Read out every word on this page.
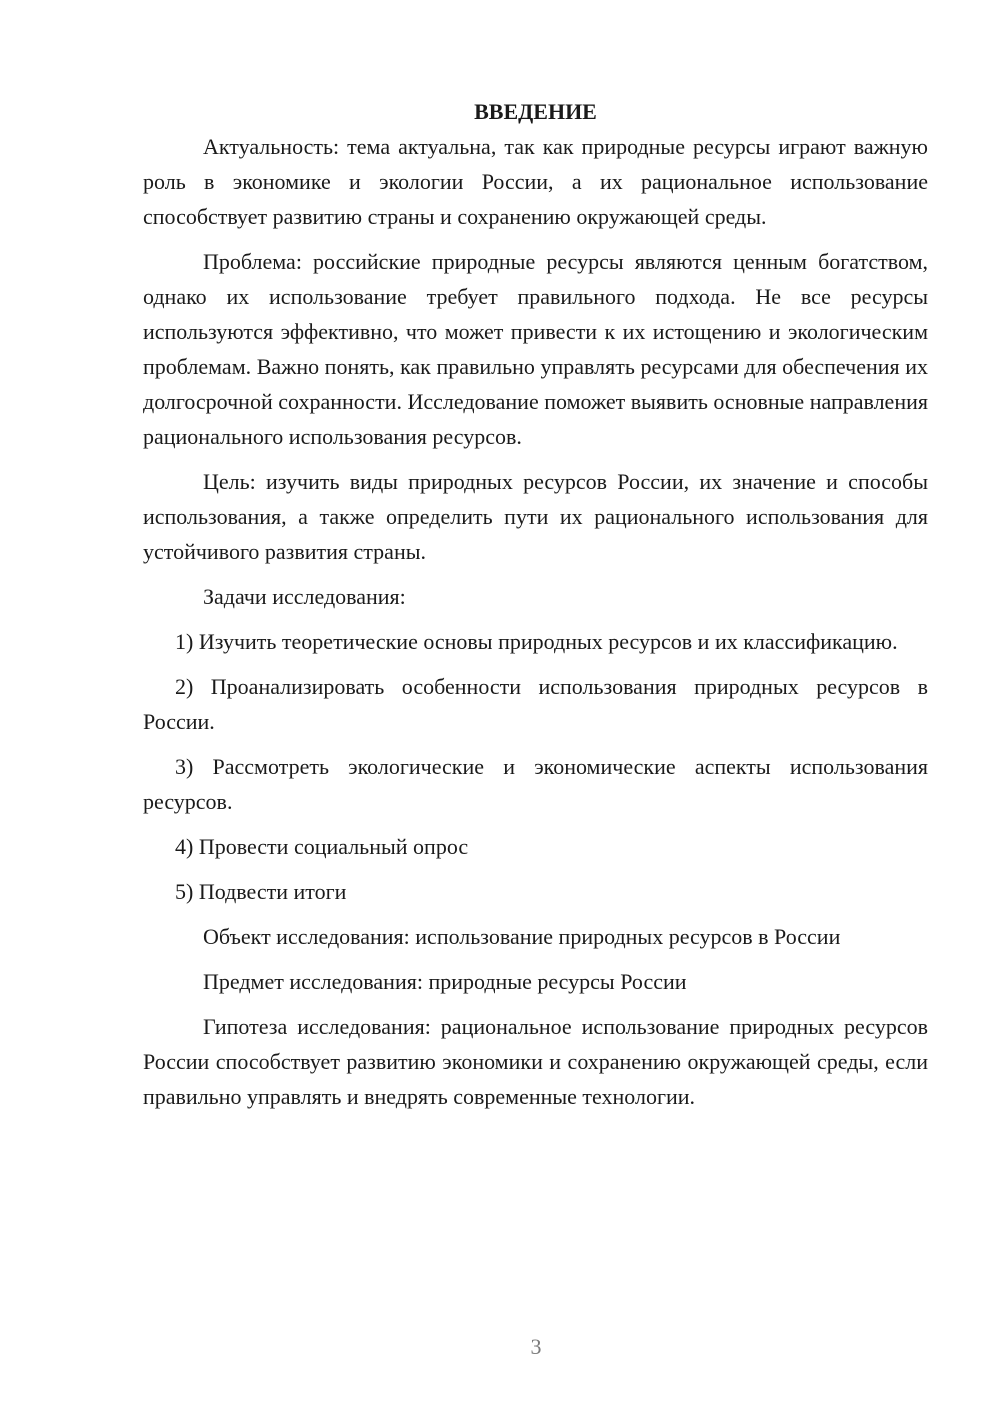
ВВЕДЕНИЕ

Актуальность: тема актуальна, так как природные ресурсы играют важную роль в экономике и экологии России, а их рациональное использование способствует развитию страны и сохранению окружающей среды.

Проблема: российские природные ресурсы являются ценным богатством, однако их использование требует правильного подхода. Не все ресурсы используются эффективно, что может привести к их истощению и экологическим проблемам. Важно понять, как правильно управлять ресурсами для обеспечения их долгосрочной сохранности. Исследование поможет выявить основные направления рационального использования ресурсов.

Цель: изучить виды природных ресурсов России, их значение и способы использования, а также определить пути их рационального использования для устойчивого развития страны.

Задачи исследования:

1) Изучить теоретические основы природных ресурсов и их классификацию.

2) Проанализировать особенности использования природных ресурсов в России.

3) Рассмотреть экологические и экономические аспекты использования ресурсов.

4) Провести социальный опрос

5) Подвести итоги

Объект исследования: использование природных ресурсов в России

Предмет исследования: природные ресурсы России

Гипотеза исследования: рациональное использование природных ресурсов России способствует развитию экономики и сохранению окружающей среды, если правильно управлять и внедрять современные технологии.

3
